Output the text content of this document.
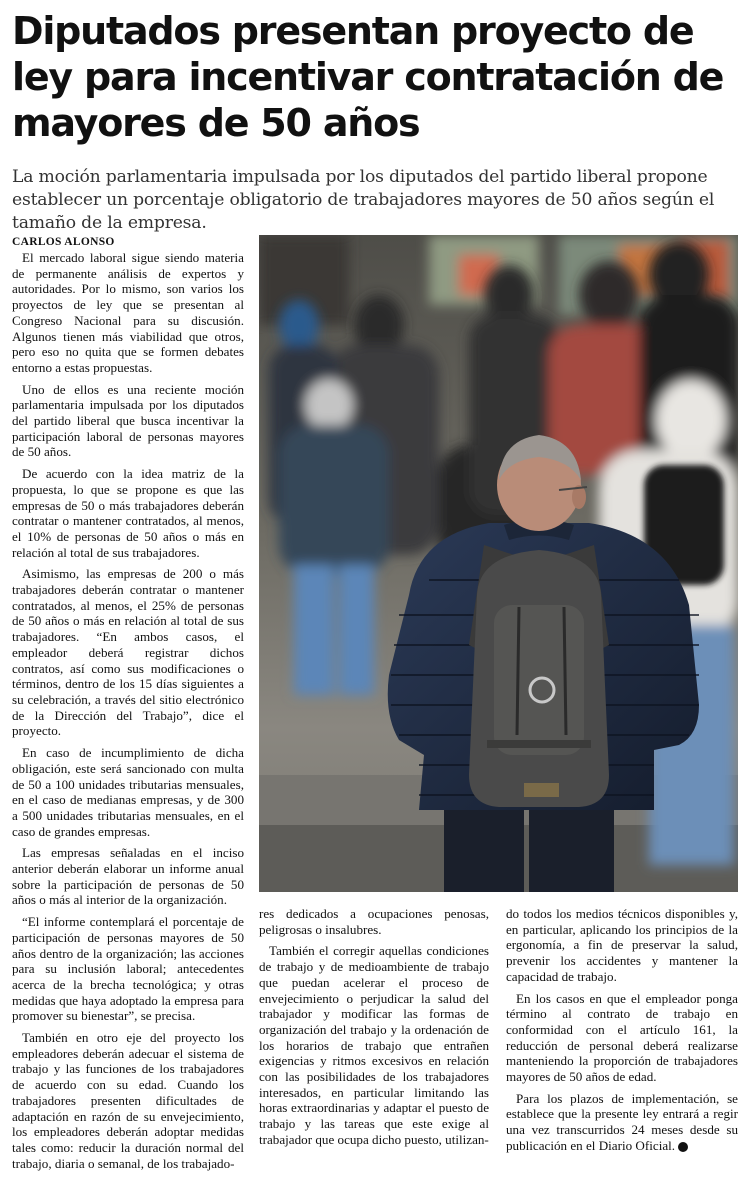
Diputados presentan proyecto de ley para incentivar contratación de mayores de 50 años

La moción parlamentaria impulsada por los diputados del partido liberal propone establecer un porcentaje obligatorio de trabajadores mayores de 50 años según el tamaño de la empresa.

CARLOS ALONSO

El mercado laboral sigue siendo materia de permanente análisis de expertos y autoridades. Por lo mismo, son varios los proyectos de ley que se presentan al Congreso Nacional para su discusión. Algunos tienen más viabilidad que otros, pero eso no quita que se formen debates entorno a estas propuestas.

Uno de ellos es una reciente moción parlamentaria impulsada por los diputados del partido liberal que busca incentivar la participación laboral de personas mayores de 50 años.

De acuerdo con la idea matriz de la propuesta, lo que se propone es que las empresas de 50 o más trabajadores deberán contratar o mantener contratados, al menos, el 10% de personas de 50 años o más en relación al total de sus trabajadores.

Asimismo, las empresas de 200 o más trabajadores deberán contratar o mantener contratados, al menos, el 25% de personas de 50 años o más en relación al total de sus trabajadores. “En ambos casos, el empleador deberá registrar dichos contratos, así como sus modificaciones o términos, dentro de los 15 días siguientes a su celebración, a través del sitio electrónico de la Dirección del Trabajo”, dice el proyecto.

En caso de incumplimiento de dicha obligación, este será sancionado con multa de 50 a 100 unidades tributarias mensuales, en el caso de medianas empresas, y de 300 a 500 unidades tributarias mensuales, en el caso de grandes empresas.

Las empresas señaladas en el inciso anterior deberán elaborar un informe anual sobre la participación de personas de 50 años o más al interior de la organización.

“El informe contemplará el porcentaje de participación de personas mayores de 50 años dentro de la organización; las acciones para su inclusión laboral; antecedentes acerca de la brecha tecnológica; y otras medidas que haya adoptado la empresa para promover su bienestar”, se precisa.

También en otro eje del proyecto los empleadores deberán adecuar el sistema de trabajo y las funciones de los trabajadores de acuerdo con su edad. Cuando los trabajadores presenten dificultades de adaptación en razón de su envejecimiento, los empleadores deberán adoptar medidas tales como: reducir la duración normal del trabajo, diaria o semanal, de los trabajado-

res dedicados a ocupaciones penosas, peligrosas o insalubres.

También el corregir aquellas condiciones de trabajo y de medioambiente de trabajo que puedan acelerar el proceso de envejecimiento o perjudicar la salud del trabajador y modificar las formas de organización del trabajo y la ordenación de los horarios de trabajo que entrañen exigencias y ritmos excesivos en relación con las posibilidades de los trabajadores interesados, en particular limitando las horas extraordinarias y adaptar el puesto de trabajo y las tareas que este exige al trabajador que ocupa dicho puesto, utilizan-

do todos los medios técnicos disponibles y, en particular, aplicando los principios de la ergonomía, a fin de preservar la salud, prevenir los accidentes y mantener la capacidad de trabajo.

En los casos en que el empleador ponga término al contrato de trabajo en conformidad con el artículo 161, la reducción de personal deberá realizarse manteniendo la proporción de trabajadores mayores de 50 años de edad.

Para los plazos de implementación, se establece que la presente ley entrará a regir una vez transcurridos 24 meses desde su publicación en el Diario Oficial. P
